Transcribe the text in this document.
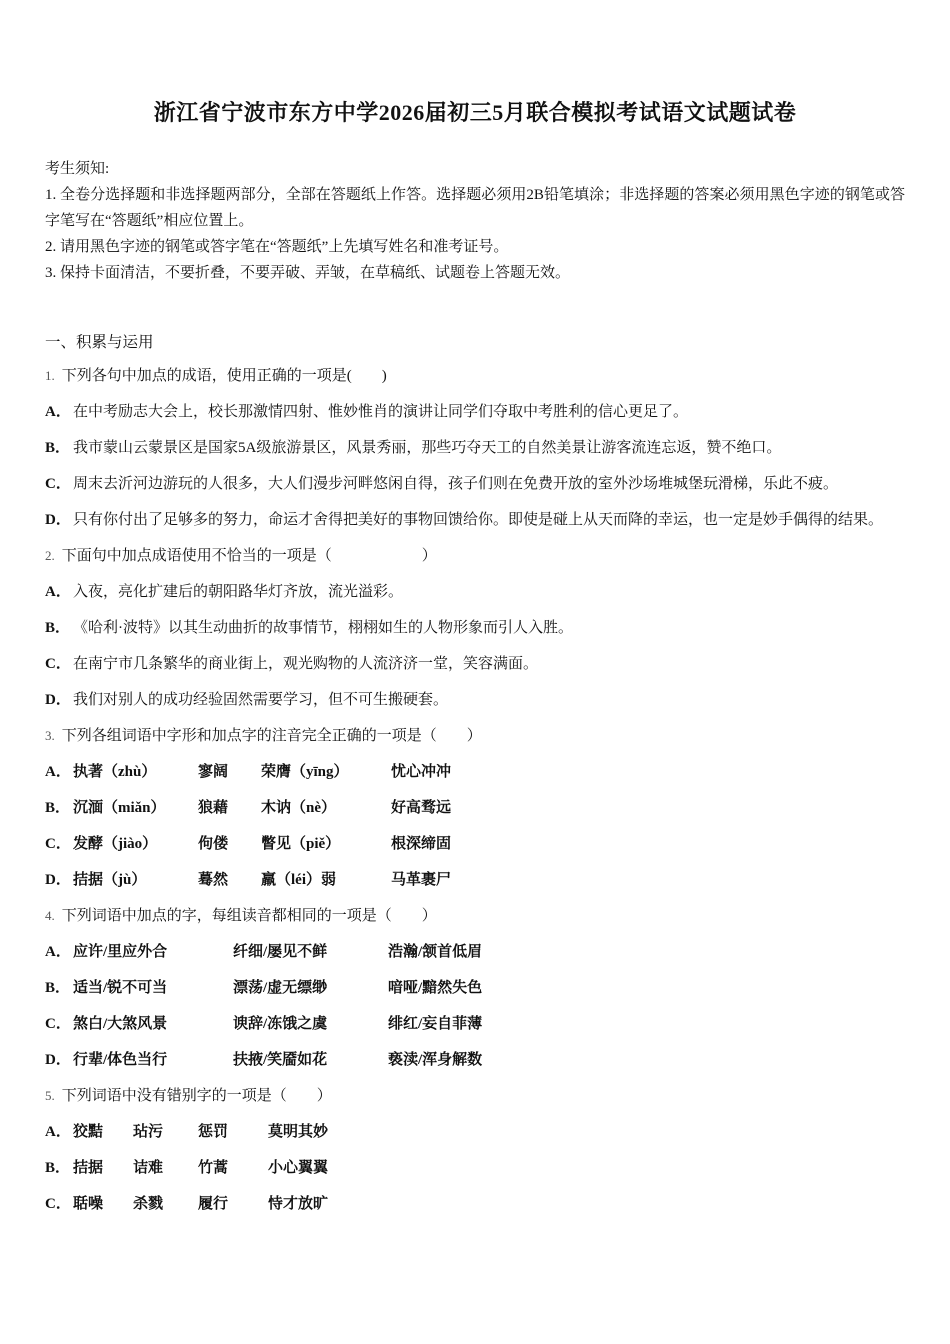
浙江省宁波市东方中学2026届初三5月联合模拟考试语文试题试卷
考生须知:
1. 全卷分选择题和非选择题两部分，全部在答题纸上作答。选择题必须用2B铅笔填涂；非选择题的答案必须用黑色字迹的钢笔或答字笔写在“答题纸”相应位置上。
2. 请用黑色字迹的钢笔或答字笔在“答题纸”上先填写姓名和准考证号。
3. 保持卡面清洁，不要折叠，不要弄破、弄皱，在草稿纸、试题卷上答题无效。
一、积累与运用
1. 下列各句中加点的成语，使用正确的一项是(　　)
A． 在中考励志大会上，校长那激情四射、惟妙惟肖的演讲让同学们夺取中考胜利的信心更足了。
B． 我市蒙山云蒙景区是国家5A级旅游景区，风景秀丽，那些巧夺天工的自然美景让游客流连忘返，赞不绝口。
C． 周末去沂河边游玩的人很多，大人们漫步河畔悠闲自得，孩子们则在免费开放的室外沙场堆城堡玩滑梯，乐此不疲。
D． 只有你付出了足够多的努力，命运才舍得把美好的事物回馈给你。即使是碰上从天而降的幸运，也一定是妙手偶得的结果。
2. 下面句中加点成语使用不恰当的一项是（　　　　　　）
A． 入夜，亮化扩建后的朝阳路华灯齐放，流光溢彩。
B． 《哈利·波特》以其生动曲折的故事情节，栩栩如生的人物形象而引人入胜。
C． 在南宁市几条繁华的商业街上，观光购物的人流济济一堂，笑容满面。
D． 我们对别人的成功经验固然需要学习，但不可生搬硬套。
3. 下列各组词语中字形和加点字的注音完全正确的一项是（　　）
A． 执著（zhù）	寥阔 荣膺（yīng）	忧心冲冲
B． 沉湎（miǎn） 狼藉 木讷（nè）	好高骛远
C． 发酵（jiào）	佝偻 瞥见（piě）	根深缔固
D． 拮据（jù）	蓦然 羸（léi）弱	马革裹尸
4. 下列词语中加点的字，每组读音都相同的一项是（　　）
A． 应许/里应外合	纤细/屡见不鲜	浩瀚/颔首低眉
B． 适当/锐不可当	漂荡/虚无缥缈	喑哑/黯然失色
C． 煞白/大煞风景	谀辞/冻饿之虞	绯红/妄自菲薄
D． 行辈/体色当行	扶掖/笑靥如花	亵渎/浑身解数
5. 下列词语中没有错别字的一项是（　　）
A． 狡黠 玷污 惩罚	莫明其妙
B． 拮据 诘难 竹蒿	小心翼翼
C． 聒噪 杀戮 履行	恃才放旷
